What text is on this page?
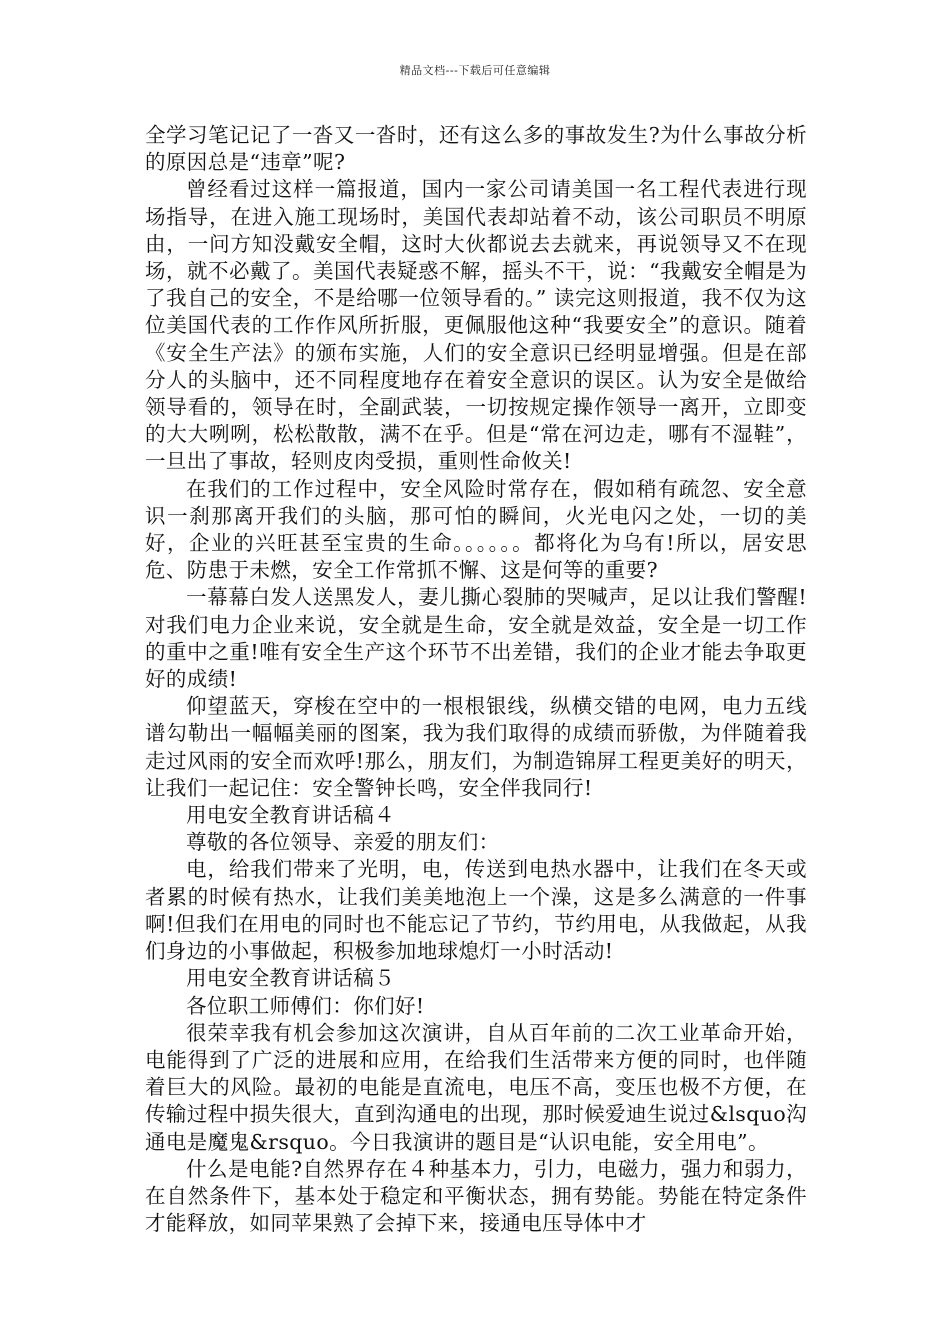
精品文档---下载后可任意编辑

全学习笔记记了一沓又一沓时，还有这么多的事故发生?为什么事故分析的原因总是“违章”呢?

曾经看过这样一篇报道，国内一家公司请美国一名工程代表进行现场指导，在进入施工现场时，美国代表却站着不动，该公司职员不明原由，一问方知没戴安全帽，这时大伙都说去去就来，再说领导又不在现场，就不必戴了。美国代表疑惑不解，摇头不干，说：“我戴安全帽是为了我自己的安全，不是给哪一位领导看的。” 读完这则报道，我不仅为这位美国代表的工作作风所折服，更佩服他这种“我要安全”的意识。随着《安全生产法》的颁布实施，人们的安全意识已经明显增强。但是在部分人的头脑中，还不同程度地存在着安全意识的误区。认为安全是做给领导看的，领导在时，全副武装，一切按规定操作领导一离开，立即变的大大咧咧，松松散散，满不在乎。但是“常在河边走，哪有不湿鞋”，一旦出了事故，轻则皮肉受损，重则性命攸关!

在我们的工作过程中，安全风险时常存在，假如稍有疏忽、安全意识一刹那离开我们的头脑，那可怕的瞬间，火光电闪之处，一切的美好，企业的兴旺甚至宝贵的生命。。。。。。都将化为乌有!所以，居安思危、防患于未燃，安全工作常抓不懈、这是何等的重要?

一幕幕白发人送黑发人，妻儿撕心裂肺的哭喊声，足以让我们警醒!对我们电力企业来说，安全就是生命，安全就是效益，安全是一切工作的重中之重!唯有安全生产这个环节不出差错，我们的企业才能去争取更好的成绩!

仰望蓝天，穿梭在空中的一根根银线，纵横交错的电网，电力五线谱勾勒出一幅幅美丽的图案，我为我们取得的成绩而骄傲，为伴随着我走过风雨的安全而欢呼!那么，朋友们，为制造锦屏工程更美好的明天，让我们一起记住：安全警钟长鸣，安全伴我同行!

用电安全教育讲话稿４

尊敬的各位领导、亲爱的朋友们：

电，给我们带来了光明，电，传送到电热水器中，让我们在冬天或者累的时候有热水，让我们美美地泡上一个澡，这是多么满意的一件事啊!但我们在用电的同时也不能忘记了节约，节约用电，从我做起，从我们身边的小事做起，积极参加地球熄灯一小时活动!

用电安全教育讲话稿５

各位职工师傅们：你们好!

很荣幸我有机会参加这次演讲，自从百年前的二次工业革命开始，电能得到了广泛的进展和应用，在给我们生活带来方便的同时，也伴随着巨大的风险。最初的电能是直流电，电压不高，变压也极不方便，在传输过程中损失很大，直到沟通电的出现，那时候爱迪生说过&lsquo沟通电是魔鬼&rsquo。今日我演讲的题目是“认识电能，安全用电”。

什么是电能?自然界存在４种基本力，引力，电磁力，强力和弱力，在自然条件下，基本处于稳定和平衡状态，拥有势能。势能在特定条件才能释放，如同苹果熟了会掉下来，接通电压导体中才
